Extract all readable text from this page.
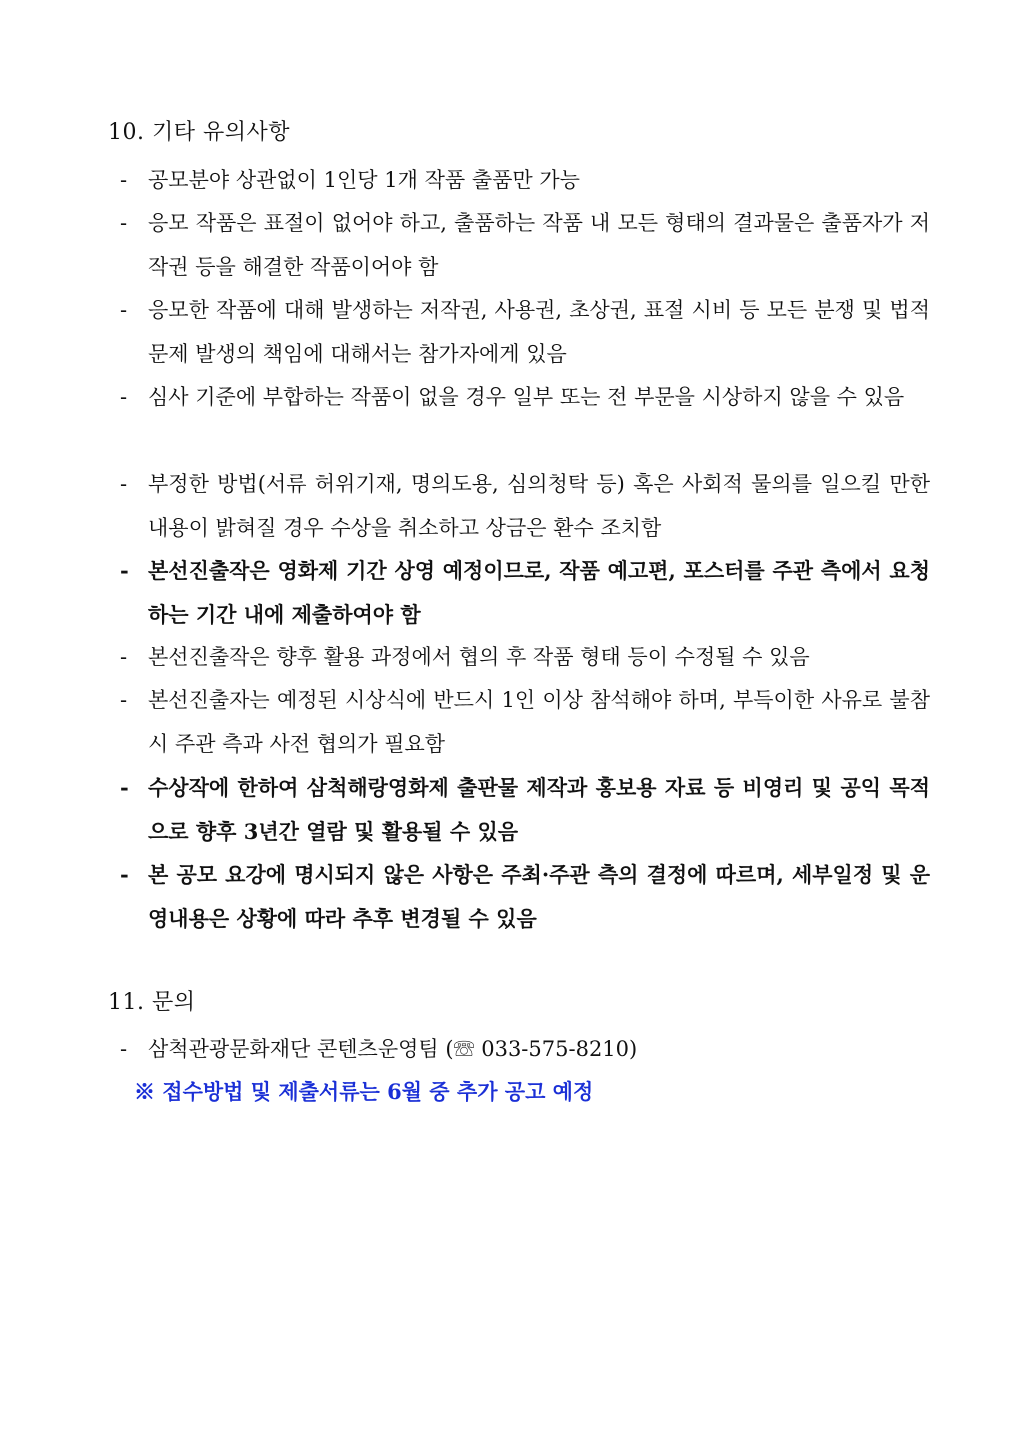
10. 기타 유의사항
- 공모분야 상관없이 1인당 1개 작품 출품만 가능
- 응모 작품은 표절이 없어야 하고, 출품하는 작품 내 모든 형태의 결과물은 출품자가 저작권 등을 해결한 작품이어야 함
- 응모한 작품에 대해 발생하는 저작권, 사용권, 초상권, 표절 시비 등 모든 분쟁 및 법적 문제 발생의 책임에 대해서는 참가자에게 있음
- 심사 기준에 부합하는 작품이 없을 경우 일부 또는 전 부문을 시상하지 않을 수 있음
- 부정한 방법(서류 허위기재, 명의도용, 심의청탁 등) 혹은 사회적 물의를 일으킬 만한 내용이 밝혀질 경우 수상을 취소하고 상금은 환수 조치함
- 본선진출작은 영화제 기간 상영 예정이므로, 작품 예고편, 포스터를 주관 측에서 요청하는 기간 내에 제출하여야 함
- 본선진출작은 향후 활용 과정에서 협의 후 작품 형태 등이 수정될 수 있음
- 본선진출자는 예정된 시상식에 반드시 1인 이상 참석해야 하며, 부득이한 사유로 불참 시 주관 측과 사전 협의가 필요함
- 수상작에 한하여 삼척해랑영화제 출판물 제작과 홍보용 자료 등 비영리 및 공익 목적으로 향후 3년간 열람 및 활용될 수 있음
- 본 공모 요강에 명시되지 않은 사항은 주최·주관 측의 결정에 따르며, 세부일정 및 운영내용은 상황에 따라 추후 변경될 수 있음
11. 문의
- 삼척관광문화재단 콘텐츠운영팀 (☏ 033-575-8210)
※ 접수방법 및 제출서류는 6월 중 추가 공고 예정
